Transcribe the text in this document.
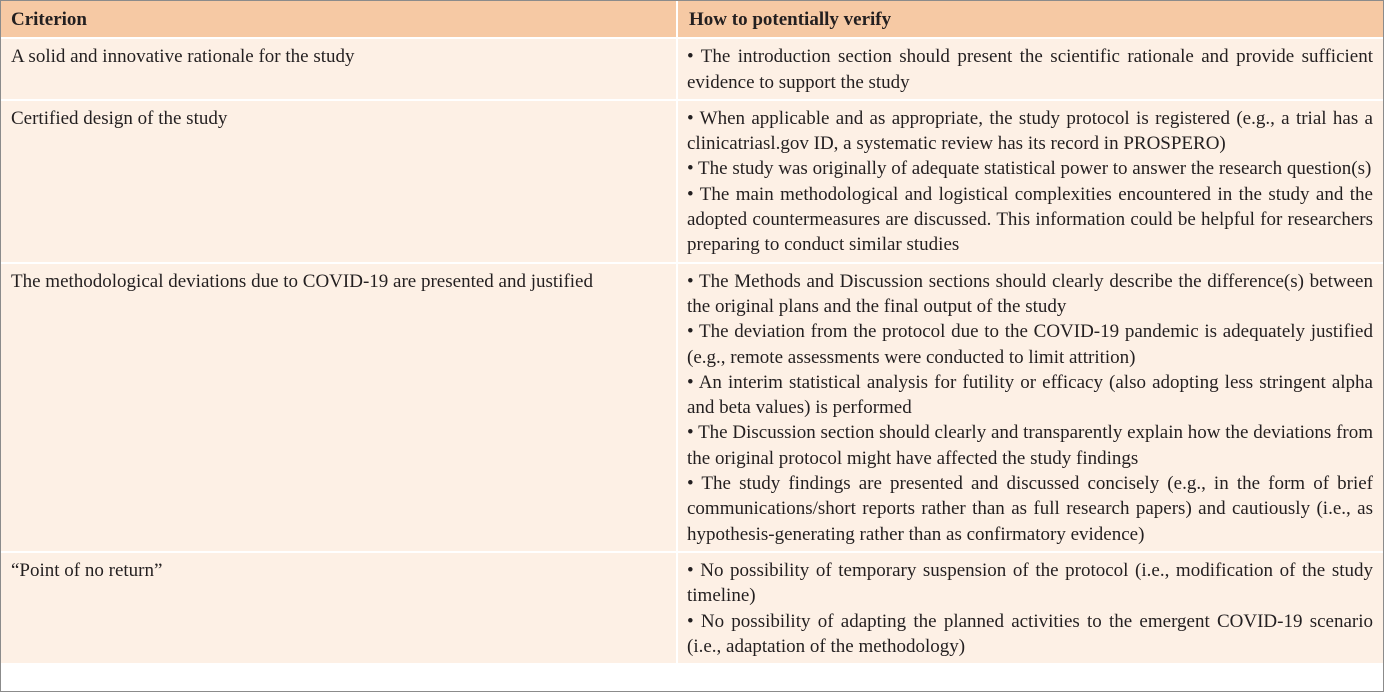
Criterion	How to potentially verify
A solid and innovative rationale for the study	• The introduction section should present the scientific rationale and provide sufficient evidence to support the study

Certified design of the study	• When applicable and as appropriate, the study protocol is registered (e.g., a trial has a clinicatriasl.gov ID, a systematic review has its record in PROSPERO)
• The study was originally of adequate statistical power to answer the research question(s)
• The main methodological and logistical complexities encountered in the study and the adopted countermeasures are discussed. This information could be helpful for researchers preparing to conduct similar studies

The methodological deviations due to COVID-19 are presented and justified	• The Methods and Discussion sections should clearly describe the difference(s) between the original plans and the final output of the study
• The deviation from the protocol due to the COVID-19 pandemic is adequately justified (e.g., remote assessments were conducted to limit attrition)
• An interim statistical analysis for futility or efficacy (also adopting less stringent alpha and beta values) is performed
• The Discussion section should clearly and transparently explain how the deviations from the original protocol might have affected the study findings
• The study findings are presented and discussed concisely (e.g., in the form of brief communications/short reports rather than as full research papers) and cautiously (i.e., as hypothesis-generating rather than as confirmatory evidence)

“Point of no return”	• No possibility of temporary suspension of the protocol (i.e., modification of the study timeline)
• No possibility of adapting the planned activities to the emergent COVID-19 scenario (i.e., adaptation of the methodology)
